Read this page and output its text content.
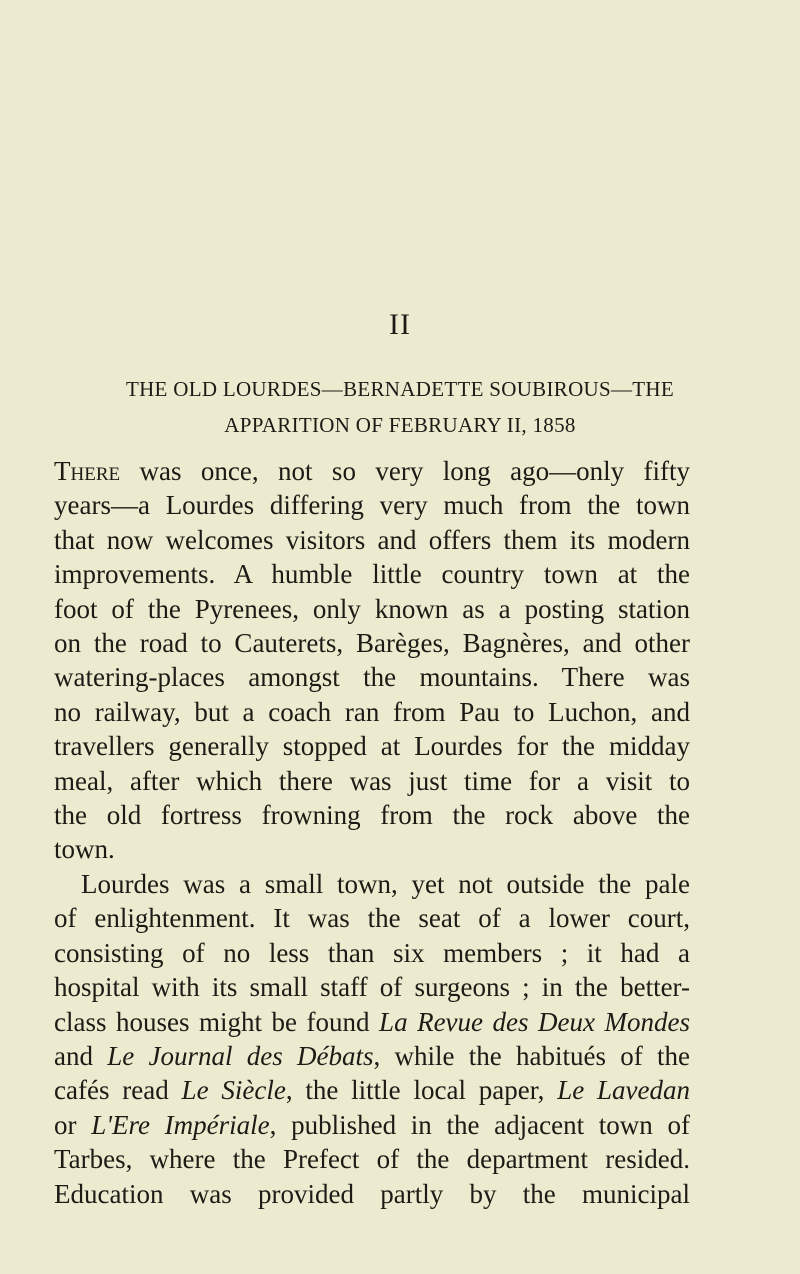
II
THE OLD LOURDES—BERNADETTE SOUBIROUS—THE
APPARITION OF FEBRUARY II, 1858
There was once, not so very long ago—only fifty
years—a Lourdes differing very much from the town
that now welcomes visitors and offers them its modern
improvements. A humble little country town at the
foot of the Pyrenees, only known as a posting station
on the road to Cauterets, Barèges, Bagnères, and other
watering-places amongst the mountains. There was
no railway, but a coach ran from Pau to Luchon, and
travellers generally stopped at Lourdes for the midday
meal, after which there was just time for a visit to
the old fortress frowning from the rock above the
town.
Lourdes was a small town, yet not outside the pale
of enlightenment. It was the seat of a lower court,
consisting of no less than six members ; it had a
hospital with its small staff of surgeons ; in the better-
class houses might be found La Revue des Deux Mondes
and Le Journal des Débats, while the habitués of the
cafés read Le Siècle, the little local paper, Le Lavedan
or L'Ere Impériale, published in the adjacent town of
Tarbes, where the Prefect of the department resided.
Education was provided partly by the municipal
